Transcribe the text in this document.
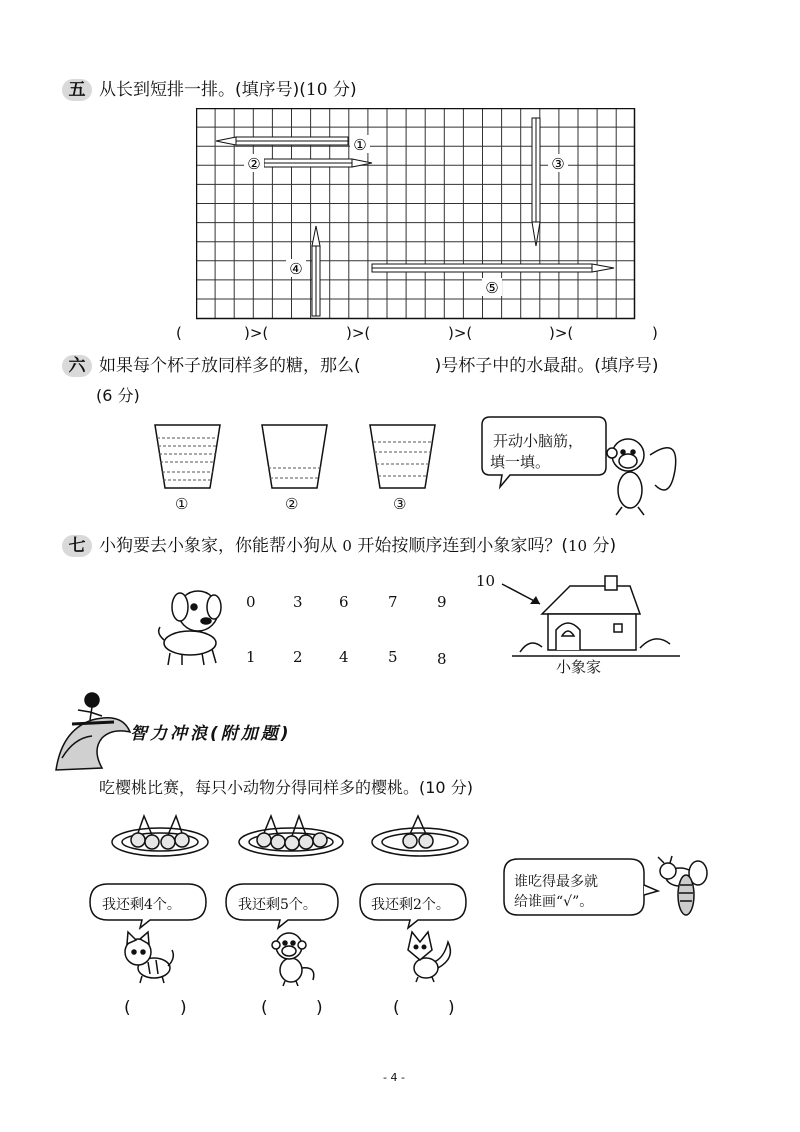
五 从长到短排一排。(填序号)(10 分)
①
②	③
④
⑤
(	)>(	)>(	)>(	)>(	)
六 如果每个杯子放同样多的糖，那么(	)号杯子中的水最甜。(填序号)
(6 分)
①	②	③
开动小脑筋，
填一填。
七 小狗要去小象家，你能帮小狗从 0 开始按顺序连到小象家吗？(10 分)
0 3 6	7	9
1 2 4	5	8
10
小象家
智力冲浪(附加题)
吃樱桃比赛，每只小动物分得同样多的樱桃。(10 分)
我还剩4个。	我还剩5个。	我还剩2个。
谁吃得最多就
给谁画“√”。
(	)	(	)	(	)
- 4 -
